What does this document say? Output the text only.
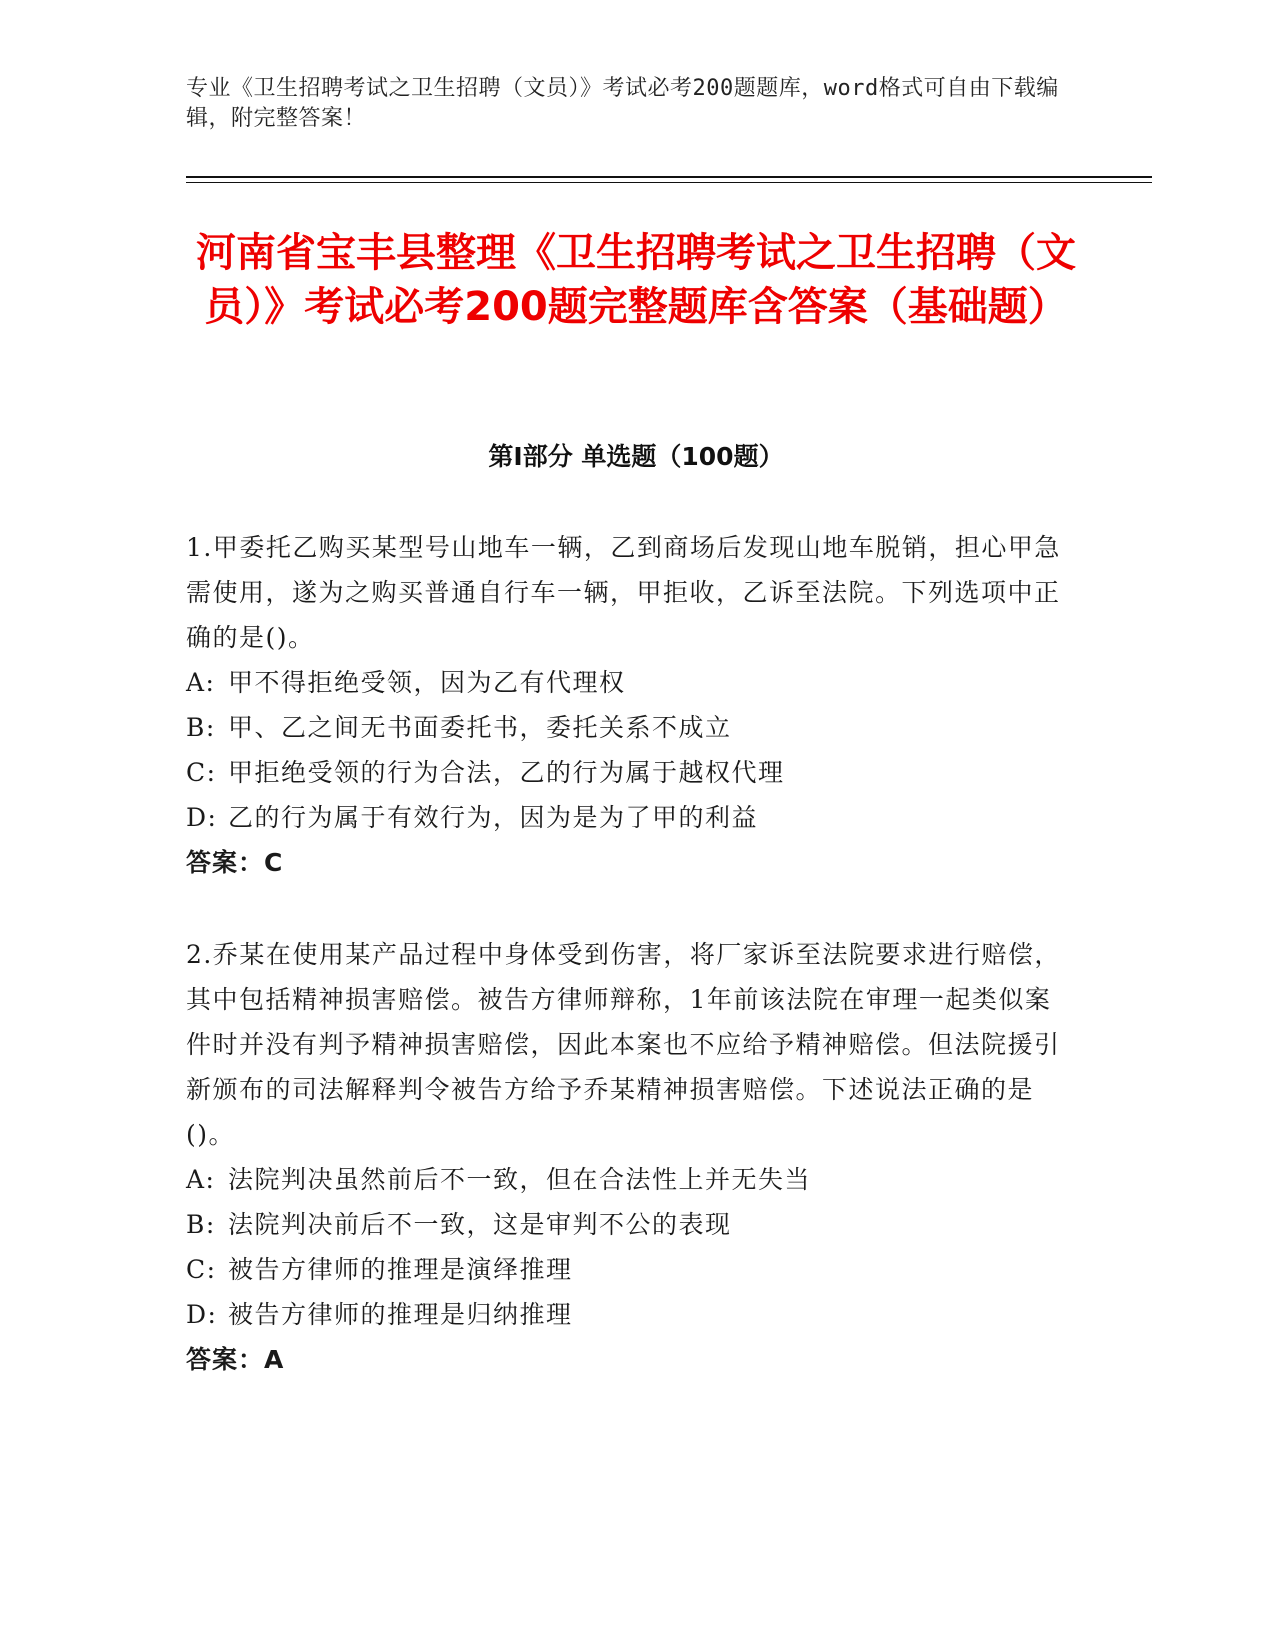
专业《卫生招聘考试之卫生招聘（文员）》考试必考200题题库，word格式可自由下载编辑，附完整答案！
河南省宝丰县整理《卫生招聘考试之卫生招聘（文员）》考试必考200题完整题库含答案（基础题）
第I部分 单选题（100题）

1.甲委托乙购买某型号山地车一辆，乙到商场后发现山地车脱销，担心甲急需使用，遂为之购买普通自行车一辆，甲拒收，乙诉至法院。下列选项中正确的是()。

A: 甲不得拒绝受领，因为乙有代理权

B: 甲、乙之间无书面委托书，委托关系不成立

C: 甲拒绝受领的行为合法，乙的行为属于越权代理

D: 乙的行为属于有效行为，因为是为了甲的利益

答案：C

2.乔某在使用某产品过程中身体受到伤害，将厂家诉至法院要求进行赔偿，其中包括精神损害赔偿。被告方律师辩称，1年前该法院在审理一起类似案件时并没有判予精神损害赔偿，因此本案也不应给予精神赔偿。但法院援引新颁布的司法解释判令被告方给予乔某精神损害赔偿。下述说法正确的是()。

A: 法院判决虽然前后不一致，但在合法性上并无失当

B: 法院判决前后不一致，这是审判不公的表现

C: 被告方律师的推理是演绎推理

D: 被告方律师的推理是归纳推理

答案：A
